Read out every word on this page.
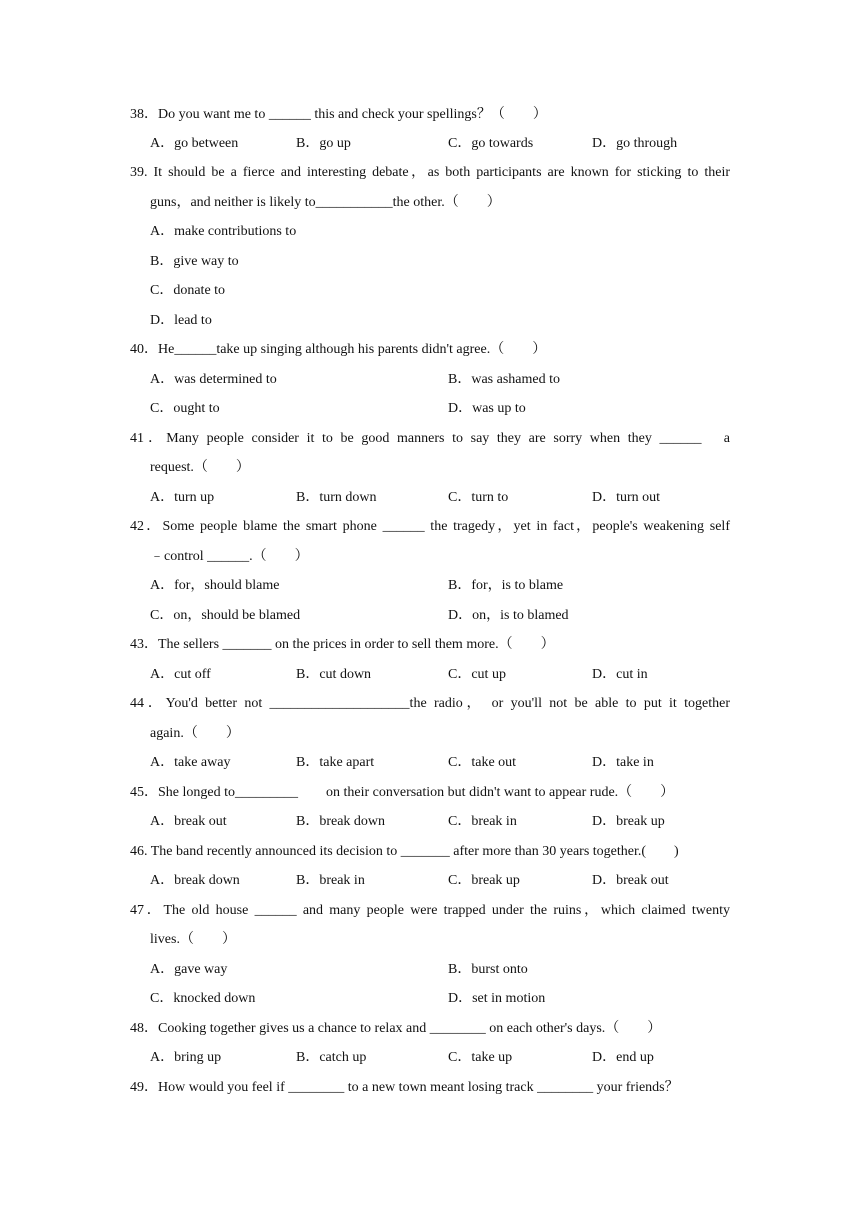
38．Do you want me to ______ this and check your spellings？（　　）
A．go between	B．go up	C．go towards	D．go through
39. It should be a fierce and interesting debate，as both participants are known for sticking to their
guns，and neither is likely to___________the other.（　　）
A．make contributions to
B．give way to
C．donate to
D．lead to
40．He______take up singing although his parents didn't agree.（　　）
A．was determined to	B．was ashamed to
C．ought to	D．was up to
41．Many people consider it to be good manners to say they are sorry when they ______　a
request.（　　）
A．turn up	B．turn down	C．turn to	D．turn out
42．Some people blame the smart phone ______ the tragedy，yet in fact，people's weakening self
﹣control ______.（　　）
A．for，should blame	B．for，is to blame
C．on，should be blamed	D．on，is to blamed
43．The sellers _______ on the prices in order to sell them more.（　　）
A．cut off	B．cut down	C．cut up	D．cut in
44．You'd better not ____________________the radio， or you'll not be able to put it together
again.（　　）
A．take away	B．take apart	C．take out	D．take in
45．She longed to_________　　on their conversation but didn't want to appear rude.（　　）
A．break out	B．break down	C．break in	D．break up
46. The band recently announced its decision to _______ after more than 30 years together.(　　)
A．break down	B．break in	C．break up	D．break out
47．The old house ______ and many people were trapped under the ruins，which claimed twenty
lives.（　　）
A．gave way	B．burst onto
C．knocked down	D．set in motion
48．Cooking together gives us a chance to relax and ________ on each other's days.（　　）
A．bring up	B．catch up	C．take up	D．end up
49．How would you feel if ________ to a new town meant losing track ________ your friends？
